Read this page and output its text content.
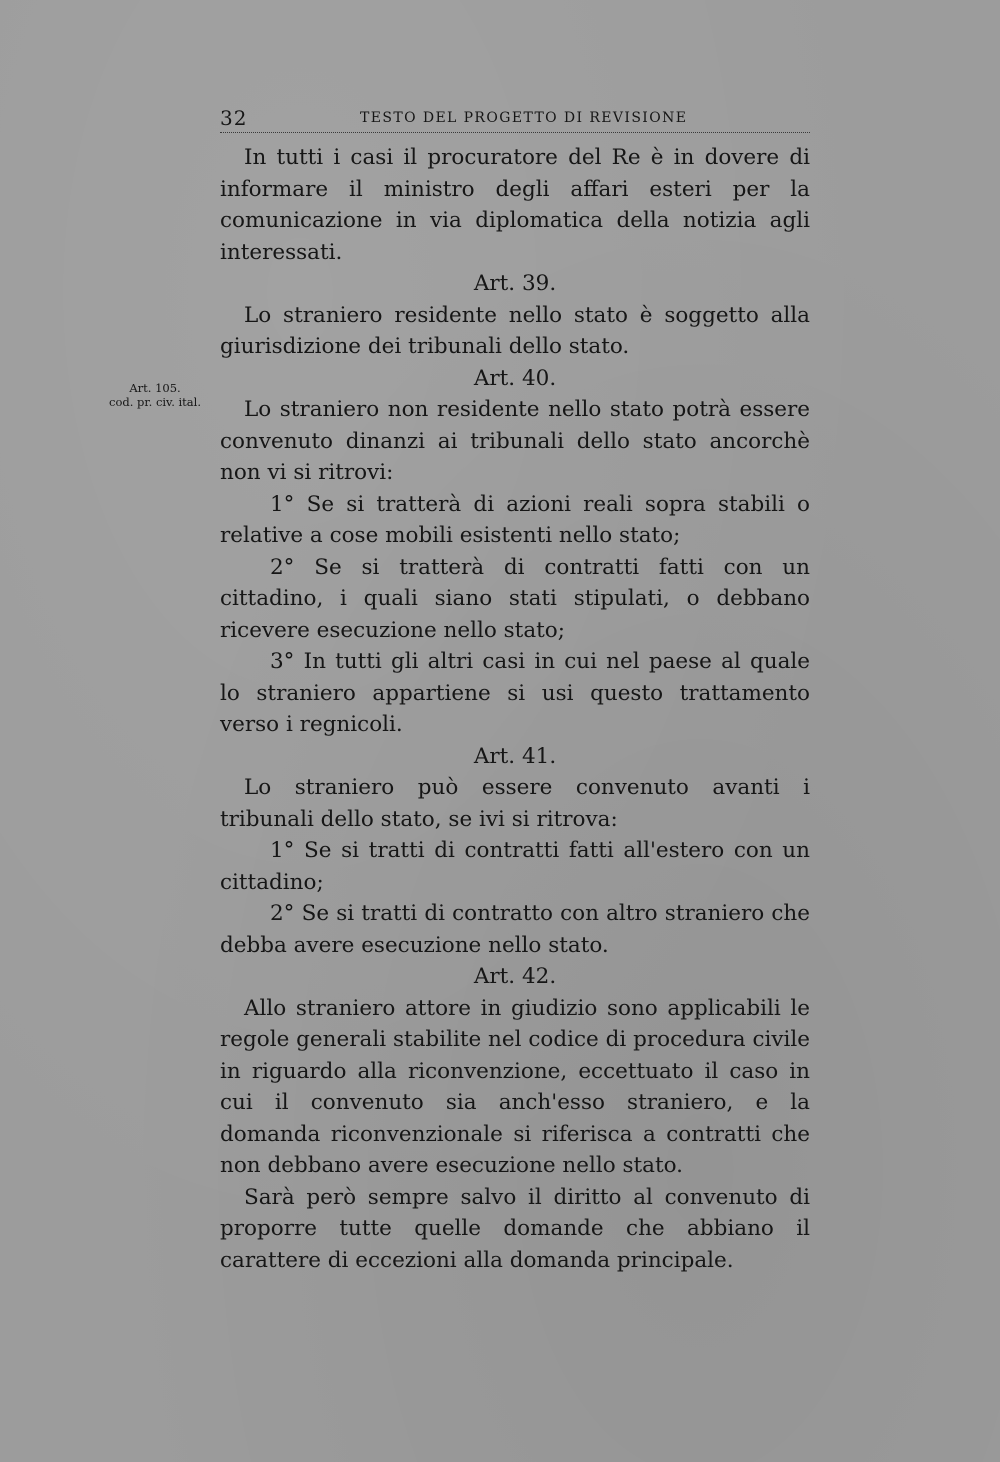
32	TESTO DEL PROGETTO DI REVISIONE
Art. 105.
cod. pr. civ. ital.

In tutti i casi il procuratore del Re è in dovere di informare il ministro degli affari esteri per la comunicazione in via diplomatica della notizia agli interessati.

Art. 39.

Lo straniero residente nello stato è soggetto alla giurisdizione dei tribunali dello stato.

Art. 40.

Lo straniero non residente nello stato potrà essere convenuto dinanzi ai tribunali dello stato ancorchè non vi si ritrovi:

1° Se si tratterà di azioni reali sopra stabili o relative a cose mobili esistenti nello stato;

2° Se si tratterà di contratti fatti con un cittadino, i quali siano stati stipulati, o debbano ricevere esecuzione nello stato;

3° In tutti gli altri casi in cui nel paese al quale lo straniero appartiene si usi questo trattamento verso i regnicoli.

Art. 41.

Lo straniero può essere convenuto avanti i tribunali dello stato, se ivi si ritrova:

1° Se si tratti di contratti fatti all'estero con un cittadino;

2° Se si tratti di contratto con altro straniero che debba avere esecuzione nello stato.

Art. 42.

Allo straniero attore in giudizio sono applicabili le regole generali stabilite nel codice di procedura civile in riguardo alla riconvenzione, eccettuato il caso in cui il convenuto sia anch'esso straniero, e la domanda riconvenzionale si riferisca a contratti che non debbano avere esecuzione nello stato.

Sarà però sempre salvo il diritto al convenuto di proporre tutte quelle domande che abbiano il carattere di eccezioni alla domanda principale.
